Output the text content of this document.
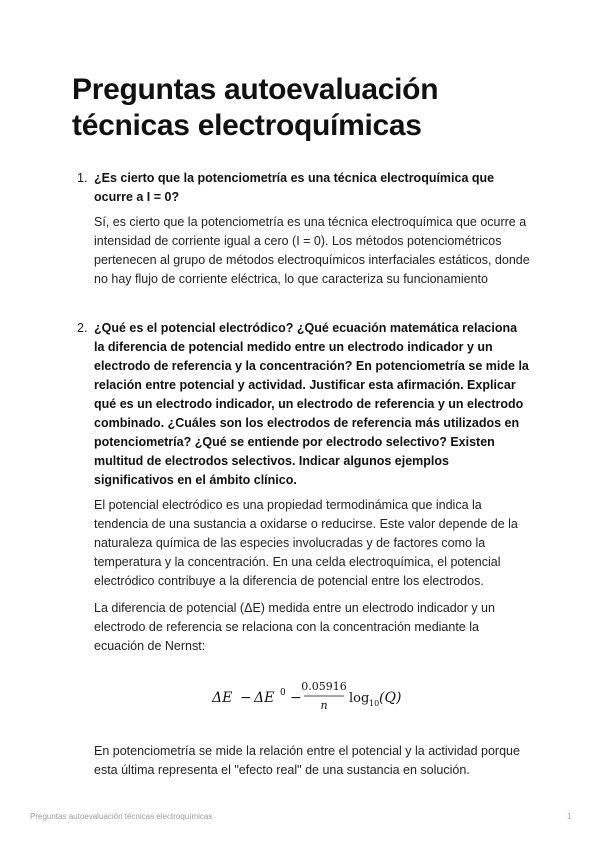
Preguntas autoevaluación técnicas electroquímicas
1. ¿Es cierto que la potenciometría es una técnica electroquímica que ocurre a I = 0?

Sí, es cierto que la potenciometría es una técnica electroquímica que ocurre a intensidad de corriente igual a cero (I = 0). Los métodos potenciométricos pertenecen al grupo de métodos electroquímicos interfaciales estáticos, donde no hay flujo de corriente eléctrica, lo que caracteriza su funcionamiento

2. ¿Qué es el potencial electródico? ¿Qué ecuación matemática relaciona la diferencia de potencial medido entre un electrodo indicador y un electrodo de referencia y la concentración? En potenciometría se mide la relación entre potencial y actividad. Justificar esta afirmación. Explicar qué es un electrodo indicador, un electrodo de referencia y un electrodo combinado. ¿Cuáles son los electrodos de referencia más utilizados en potenciometría? ¿Qué se entiende por electrodo selectivo? Existen multitud de electrodos selectivos. Indicar algunos ejemplos significativos en el ámbito clínico.

El potencial electródico es una propiedad termodinámica que indica la tendencia de una sustancia a oxidarse o reducirse. Este valor depende de la naturaleza química de las especies involucradas y de factores como la temperatura y la concentración. En una celda electroquímica, el potencial electródico contribuye a la diferencia de potencial entre los electrodos.

La diferencia de potencial (ΔE) medida entre un electrodo indicador y un electrodo de referencia se relaciona con la concentración mediante la ecuación de Nernst:

ΔE − ΔE 0 −
0.05916
n log 10 (Q)

En potenciometría se mide la relación entre el potencial y la actividad porque esta última representa el "efecto real" de una sustancia en solución.

Preguntas autoevaluación técnicas electroquímicas	1
